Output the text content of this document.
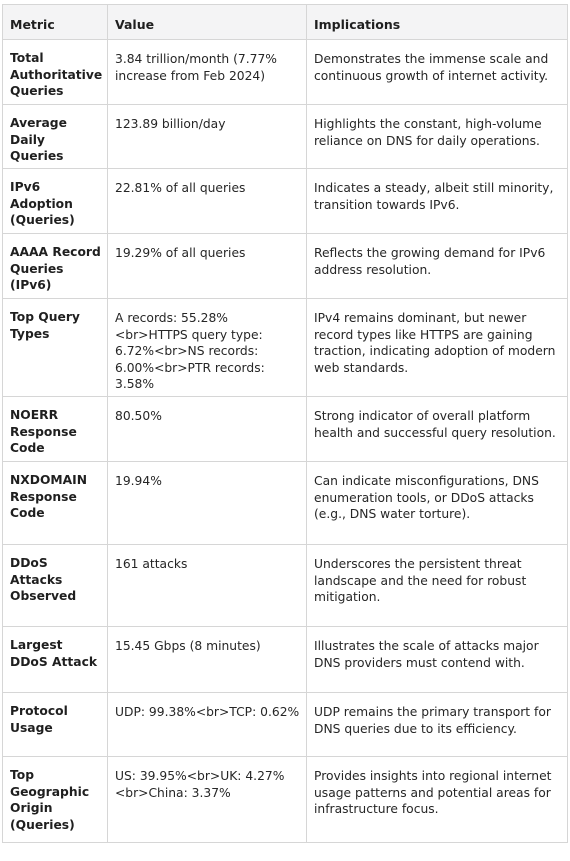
Metric	Value	Implications
Total Authoritative Queries	3.84 trillion/month (7.77% increase from Feb 2024)	Demonstrates the immense scale and continuous growth of internet activity.
Average Daily Queries	123.89 billion/day	Highlights the constant, high-volume reliance on DNS for daily operations.
IPv6 Adoption (Queries)	22.81% of all queries	Indicates a steady, albeit still minority, transition towards IPv6.
AAAA Record Queries (IPv6)	19.29% of all queries	Reflects the growing demand for IPv6 address resolution.
Top Query Types	A records: 55.28%<br>HTTPS query type: 6.72%<br>NS records: 6.00%<br>PTR records: 3.58%	IPv4 remains dominant, but newer record types like HTTPS are gaining traction, indicating adoption of modern web standards.
NOERR Response Code	80.50%	Strong indicator of overall platform health and successful query resolution.
NXDOMAIN Response Code	19.94%	Can indicate misconfigurations, DNS enumeration tools, or DDoS attacks (e.g., DNS water torture).
DDoS Attacks Observed	161 attacks	Underscores the persistent threat landscape and the need for robust mitigation.
Largest DDoS Attack	15.45 Gbps (8 minutes)	Illustrates the scale of attacks major DNS providers must contend with.
Protocol Usage	UDP: 99.38%<br>TCP: 0.62%	UDP remains the primary transport for DNS queries due to its efficiency.
Top Geographic Origin (Queries)	US: 39.95%<br>UK: 4.27%<br>China: 3.37%	Provides insights into regional internet usage patterns and potential areas for infrastructure focus.
